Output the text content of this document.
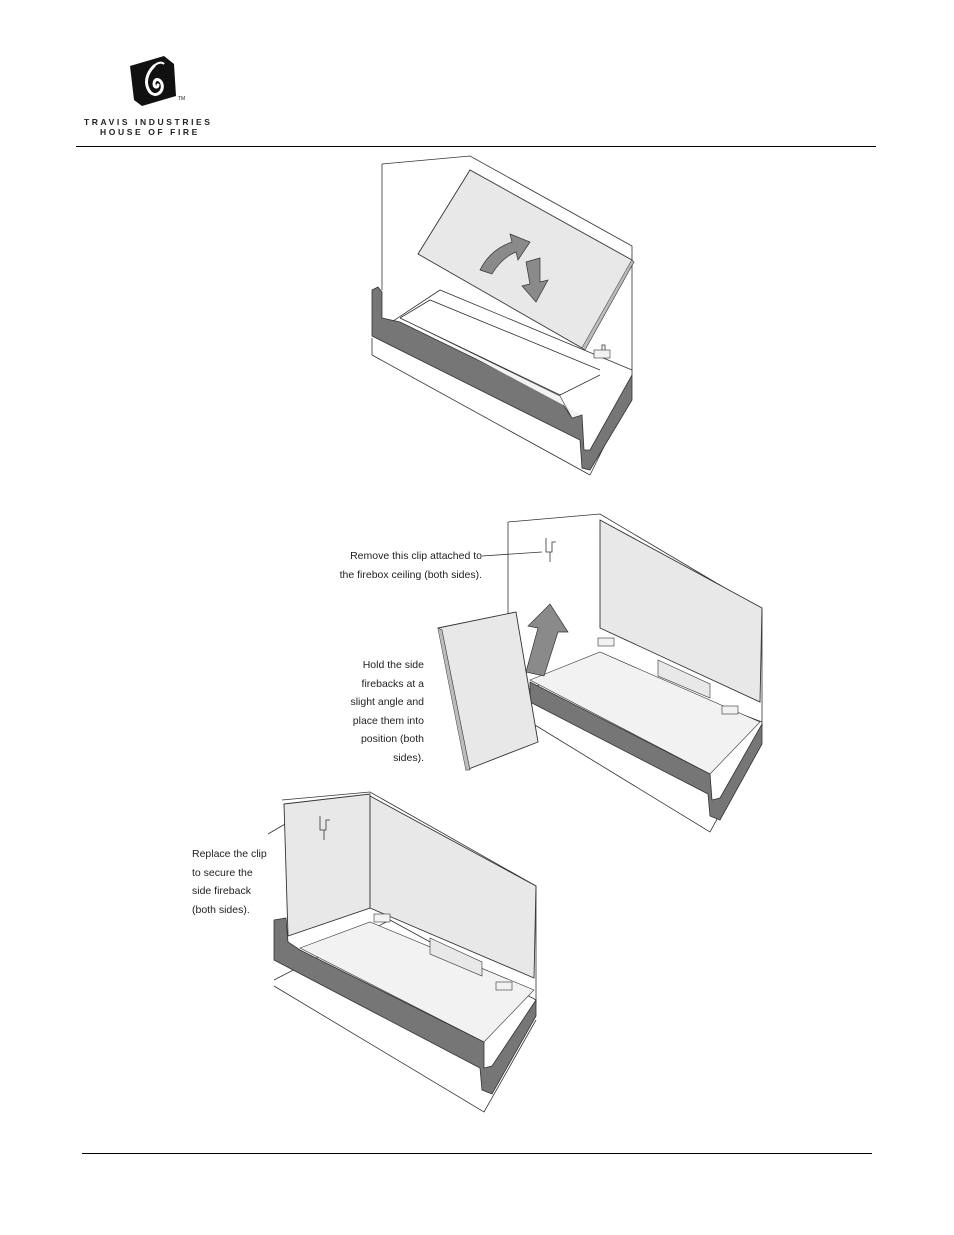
TM
TRAVIS INDUSTRIES
HOUSE OF FIRE
Remove this clip attached to
the firebox ceiling (both sides).
Hold the side
firebacks at a
slight angle and
place them into
position (both
sides).
Replace the clip
to secure the
side fireback
(both sides).
